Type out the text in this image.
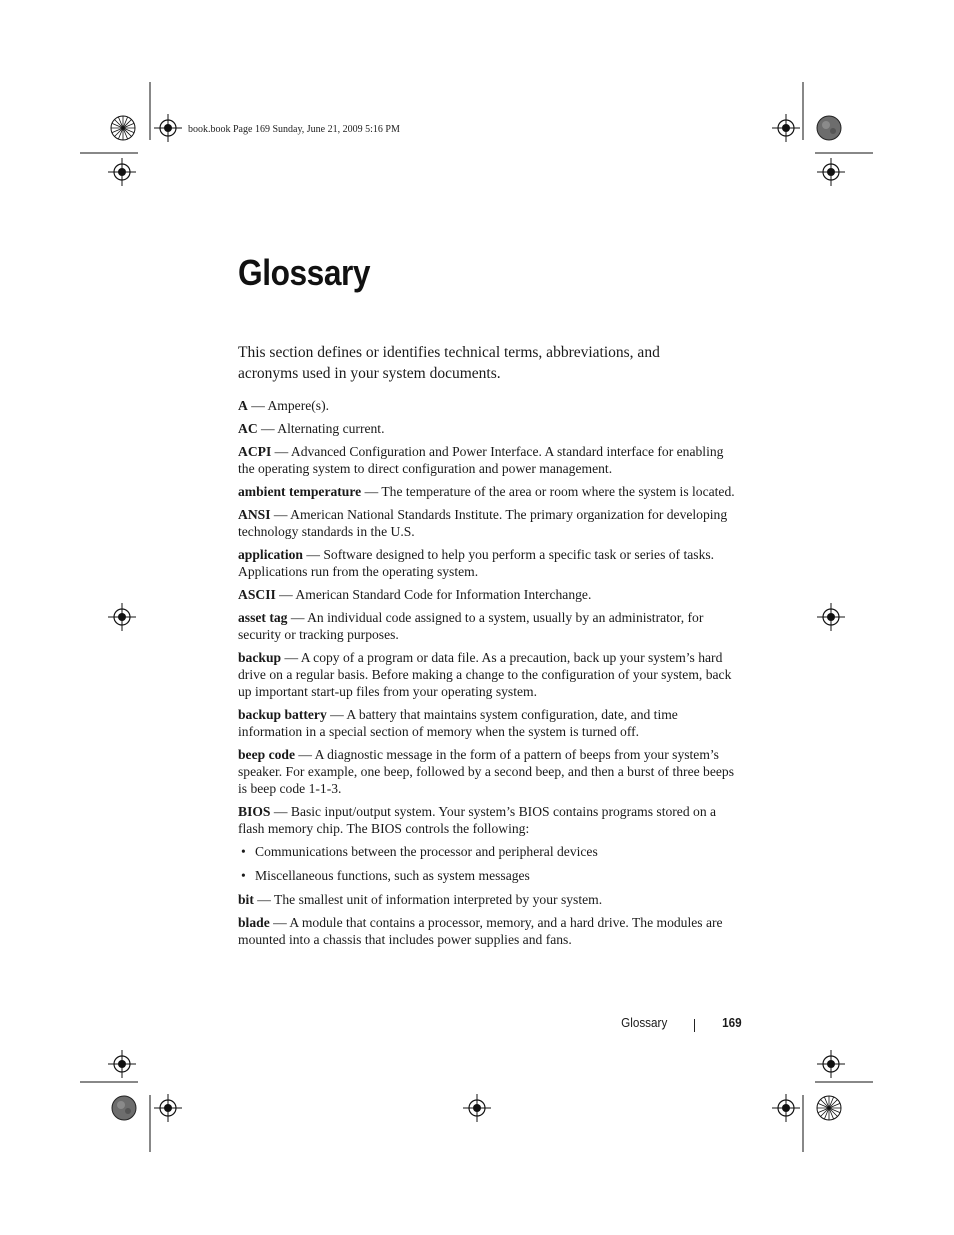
book.book Page 169 Sunday, June 21, 2009 5:16 PM
Glossary

This section defines or identifies technical terms, abbreviations, and acronyms used in your system documents.

A — Ampere(s).

AC — Alternating current.

ACPI — Advanced Configuration and Power Interface. A standard interface for enabling the operating system to direct configuration and power management.

ambient temperature — The temperature of the area or room where the system is located.

ANSI — American National Standards Institute. The primary organization for developing technology standards in the U.S.

application — Software designed to help you perform a specific task or series of tasks. Applications run from the operating system.

ASCII — American Standard Code for Information Interchange.

asset tag — An individual code assigned to a system, usually by an administrator, for security or tracking purposes.

backup — A copy of a program or data file. As a precaution, back up your system’s hard drive on a regular basis. Before making a change to the configuration of your system, back up important start-up files from your operating system.

backup battery — A battery that maintains system configuration, date, and time information in a special section of memory when the system is turned off.

beep code — A diagnostic message in the form of a pattern of beeps from your system’s speaker. For example, one beep, followed by a second beep, and then a burst of three beeps is beep code 1-1-3.

BIOS — Basic input/output system. Your system’s BIOS contains programs stored on a flash memory chip. The BIOS controls the following:

• Communications between the processor and peripheral devices
• Miscellaneous functions, such as system messages

bit — The smallest unit of information interpreted by your system.

blade — A module that contains a processor, memory, and a hard drive. The modules are mounted into a chassis that includes power supplies and fans.

Glossary	169
